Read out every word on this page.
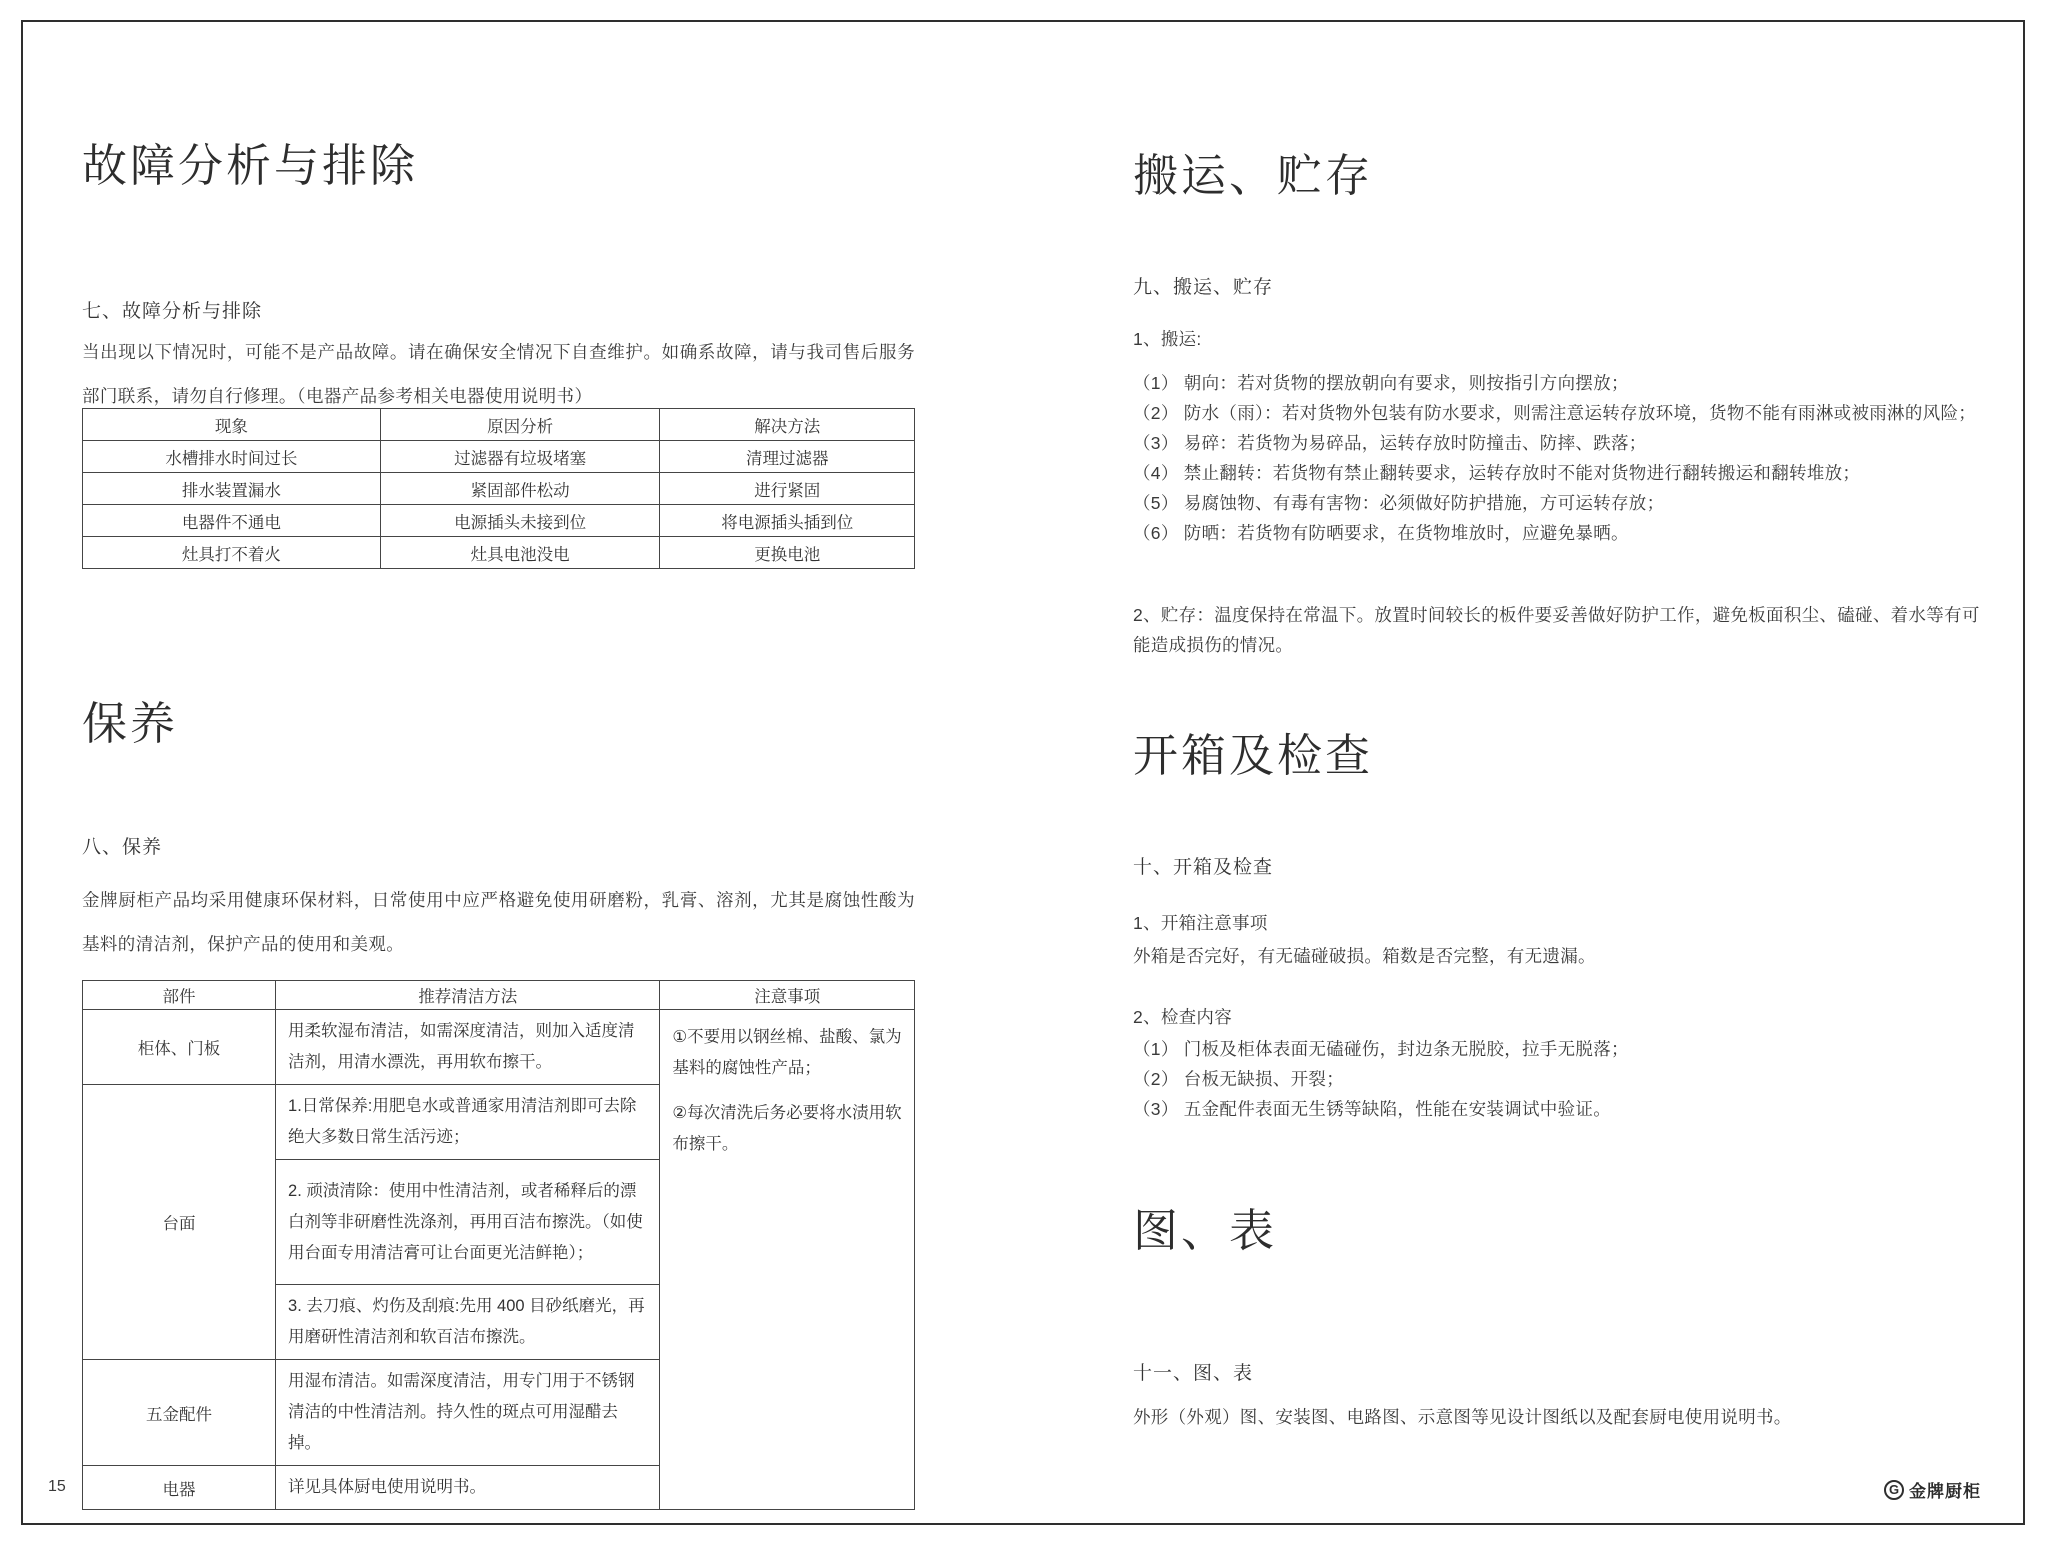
故障分析与排除
七、故障分析与排除
当出现以下情况时，可能不是产品故障。请在确保安全情况下自查维护。如确系故障，请与我司售后服务部门联系，请勿自行修理。（电器产品参考相关电器使用说明书）
现象	原因分析	解决方法
水槽排水时间过长	过滤器有垃圾堵塞	清理过滤器
排水装置漏水	紧固部件松动	进行紧固
电器件不通电	电源插头未接到位	将电源插头插到位
灶具打不着火	灶具电池没电	更换电池
保养
八、保养
金牌厨柜产品均采用健康环保材料，日常使用中应严格避免使用研磨粉，乳膏、溶剂，尤其是腐蚀性酸为基料的清洁剂，保护产品的使用和美观。
部件	推荐清洁方法	注意事项
柜体、门板	用柔软湿布清洁，如需深度清洁，则加入适度清洁剂，用清水漂洗，再用软布擦干。	①不要用以钢丝棉、盐酸、氯为基料的腐蚀性产品；
②每次清洗后务必要将水渍用软布擦干。

台面	1.日常保养:用肥皂水或普通家用清洁剂即可去除绝大多数日常生活污迹；	
	2. 顽渍清除：使用中性清洁剂，或者稀释后的漂白剂等非研磨性洗涤剂，再用百洁布擦洗。（如使用台面专用清洁膏可让台面更光洁鲜艳）；	
	3. 去刀痕、灼伤及刮痕:先用 400 目砂纸磨光，再用磨研性清洁剂和软百洁布擦洗。	
五金配件	用湿布清洁。如需深度清洁，用专门用于不锈钢清洁的中性清洁剂。持久性的斑点可用湿醋去掉。	
电器	详见具体厨电使用说明书。	
搬运、贮存
九、搬运、贮存
1、搬运:
（1） 朝向：若对货物的摆放朝向有要求，则按指引方向摆放；
（2） 防水（雨）：若对货物外包装有防水要求，则需注意运转存放环境，货物不能有雨淋或被雨淋的风险；
（3） 易碎：若货物为易碎品，运转存放时防撞击、防摔、跌落；
（4） 禁止翻转：若货物有禁止翻转要求，运转存放时不能对货物进行翻转搬运和翻转堆放；
（5） 易腐蚀物、有毒有害物：必须做好防护措施，方可运转存放；
（6） 防晒：若货物有防晒要求，在货物堆放时，应避免暴晒。
2、贮存：温度保持在常温下。放置时间较长的板件要妥善做好防护工作，避免板面积尘、磕碰、着水等有可能造成损伤的情况。
开箱及检查
十、开箱及检查
1、开箱注意事项
外箱是否完好，有无磕碰破损。箱数是否完整，有无遗漏。
2、检查内容
（1） 门板及柜体表面无磕碰伤，封边条无脱胶，拉手无脱落；
（2） 台板无缺损、开裂；
（3） 五金配件表面无生锈等缺陷，性能在安装调试中验证。
图、表
十一、图、表
外形（外观）图、安装图、电路图、示意图等见设计图纸以及配套厨电使用说明书。
15	G 金牌厨柜
